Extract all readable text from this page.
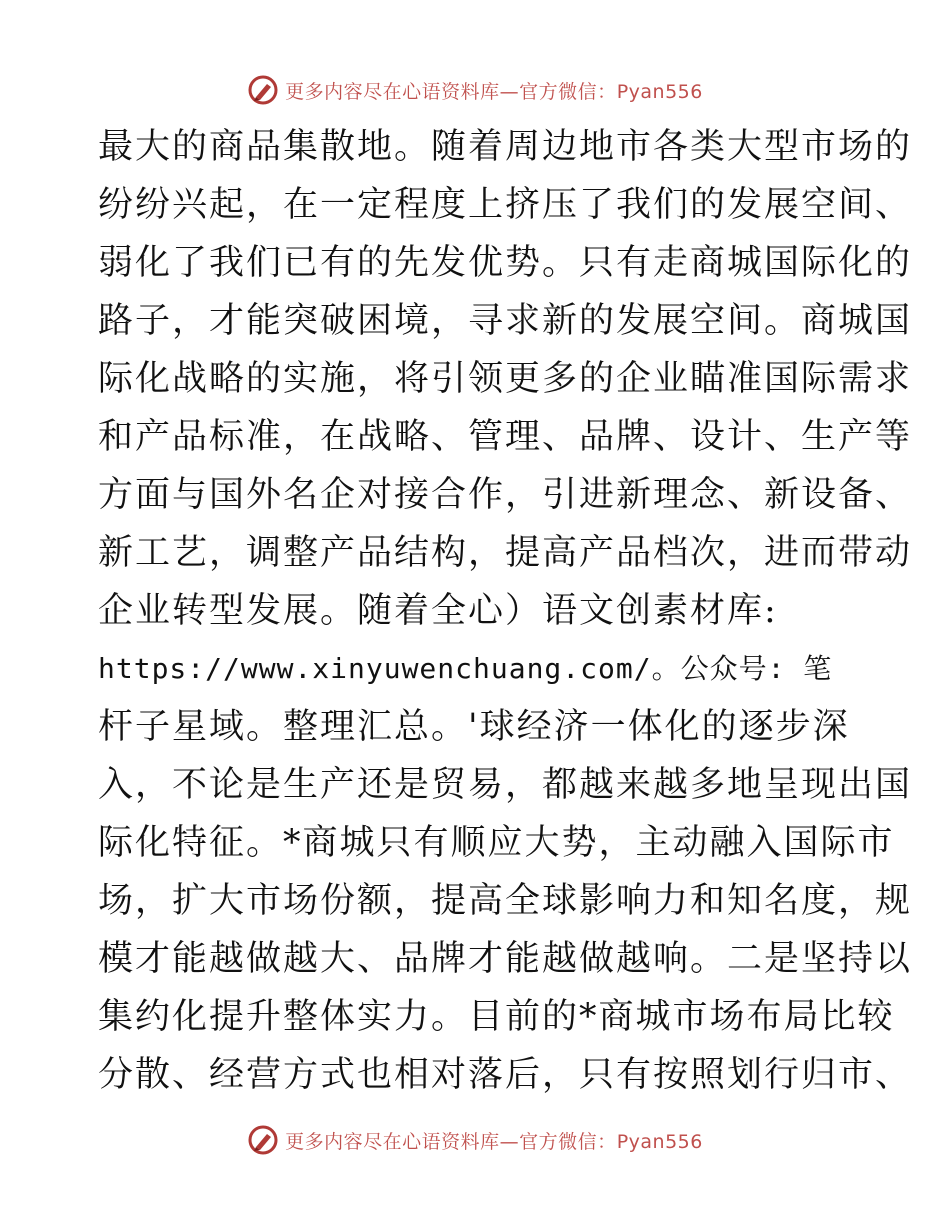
更多内容尽在心语资料库—官方微信：Pyan556
最大的商品集散地。随着周边地市各类大型市场的
纷纷兴起，在一定程度上挤压了我们的发展空间、
弱化了我们已有的先发优势。只有走商城国际化的
路子，才能突破困境，寻求新的发展空间。商城国
际化战略的实施，将引领更多的企业瞄准国际需求
和产品标准，在战略、管理、品牌、设计、生产等
方面与国外名企对接合作，引进新理念、新设备、
新工艺，调整产品结构，提高产品档次，进而带动
企业转型发展。随着全心）语文创素材库:
https://www.xinyuwenchuang.com/。公众号: 笔
杆子星域。整理汇总。'球经济一体化的逐步深
入，不论是生产还是贸易，都越来越多地呈现出国
际化特征。*商城只有顺应大势，主动融入国际市
场，扩大市场份额，提高全球影响力和知名度，规
模才能越做越大、品牌才能越做越响。二是坚持以
集约化提升整体实力。目前的*商城市场布局比较
分散、经营方式也相对落后，只有按照划行归市、
更多内容尽在心语资料库—官方微信：Pyan556
